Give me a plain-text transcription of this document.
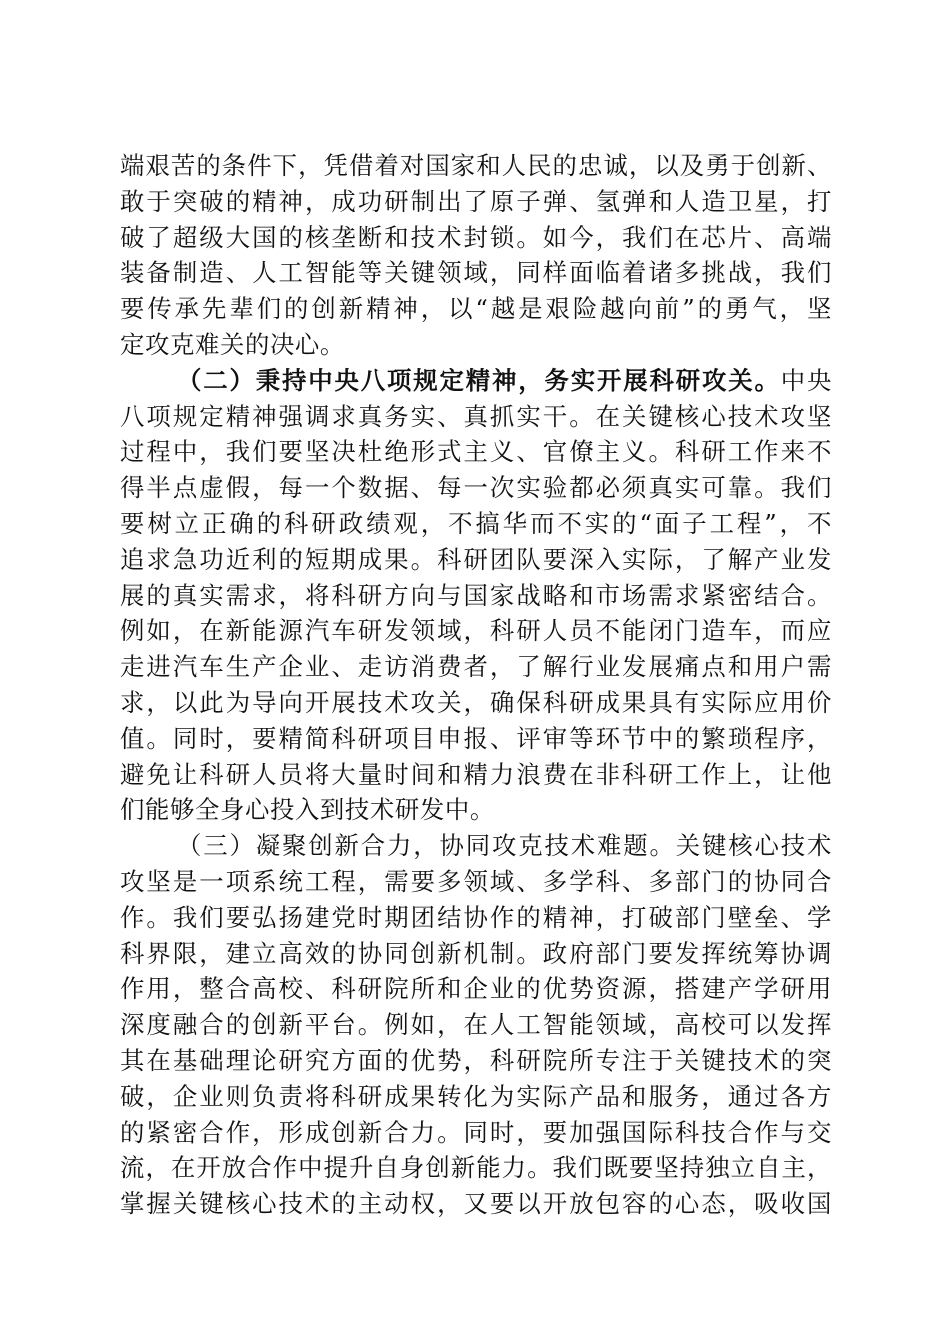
端艰苦的条件下，凭借着对国家和人民的忠诚，以及勇于创新、
敢于突破的精神，成功研制出了原子弹、氢弹和人造卫星，打
破了超级大国的核垄断和技术封锁。如今，我们在芯片、高端
装备制造、人工智能等关键领域，同样面临着诸多挑战，我们
要传承先辈们的创新精神，以“越是艰险越向前”的勇气，坚
定攻克难关的决心。
（二）秉持中央八项规定精神，务实开展科研攻关。中央
八项规定精神强调求真务实、真抓实干。在关键核心技术攻坚
过程中，我们要坚决杜绝形式主义、官僚主义。科研工作来不
得半点虚假，每一个数据、每一次实验都必须真实可靠。我们
要树立正确的科研政绩观，不搞华而不实的“面子工程”，不
追求急功近利的短期成果。科研团队要深入实际，了解产业发
展的真实需求，将科研方向与国家战略和市场需求紧密结合。
例如，在新能源汽车研发领域，科研人员不能闭门造车，而应
走进汽车生产企业、走访消费者，了解行业发展痛点和用户需
求，以此为导向开展技术攻关，确保科研成果具有实际应用价
值。同时，要精简科研项目申报、评审等环节中的繁琐程序，
避免让科研人员将大量时间和精力浪费在非科研工作上，让他
们能够全身心投入到技术研发中。
（三）凝聚创新合力，协同攻克技术难题。关键核心技术
攻坚是一项系统工程，需要多领域、多学科、多部门的协同合
作。我们要弘扬建党时期团结协作的精神，打破部门壁垒、学
科界限，建立高效的协同创新机制。政府部门要发挥统筹协调
作用，整合高校、科研院所和企业的优势资源，搭建产学研用
深度融合的创新平台。例如，在人工智能领域，高校可以发挥
其在基础理论研究方面的优势，科研院所专注于关键技术的突
破，企业则负责将科研成果转化为实际产品和服务，通过各方
的紧密合作，形成创新合力。同时，要加强国际科技合作与交
流，在开放合作中提升自身创新能力。我们既要坚持独立自主，
掌握关键核心技术的主动权，又要以开放包容的心态，吸收国
